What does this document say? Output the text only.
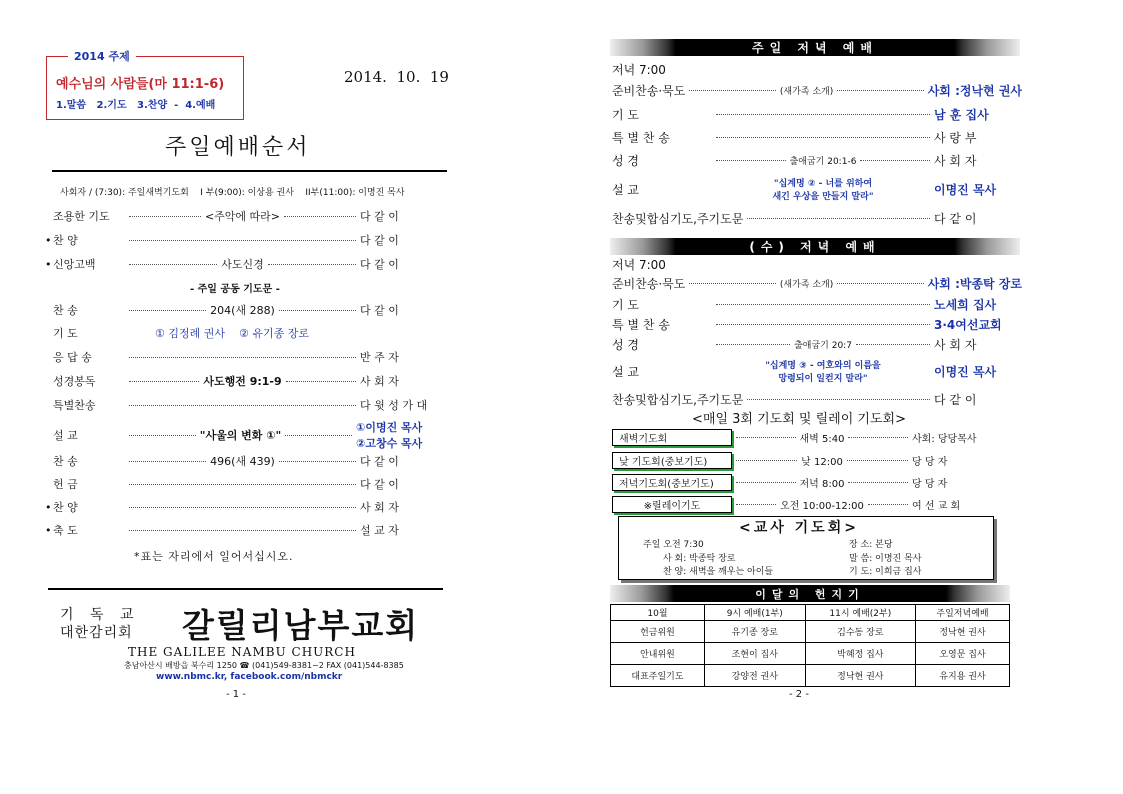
2014 주제
예수님의 사람들(마 11:1-6)
1.말씀   2.기도   3.찬양  -  4.예배
2014.  10.  19
주일예배순서
사회자 / (7:30): 주일새벽기도회    I 부(9:00): 이상용 권사    II부(11:00): 이명진 목사
조용한 기도	<주악에 따라>	다 같 이
• 찬 양	다 같 이
• 신앙고백	사도신경	다 같 이
- 주일 공동 기도문 -
찬 송	204(새 288)	다 같 이
기 도	① 김정례 권사    ② 유기종 장로
응 답 송	반 주 자
성경봉독	사도행전 9:1-9	사 회 자
특별찬송	다 윗 성 가 대
설 교	"사울의 변화 ①"
①이명진 목사
②고창수 목사
찬 송	496(새 439)	다 같 이
헌 금	다 같 이
• 찬 양	사 회 자
• 축 도	설 교 자
*표는 자리에서 일어서십시오.
기 독 교
대한감리회 갈릴리남부교회
THE GALILEE NAMBU CHURCH
충남아산시 배방읍 북수리 1250 ☎ (041)549-8381~2 FAX (041)544-8385
www.nbmc.kr, facebook.com/nbmckr
- 1 -
주일 저녁 예배
저녁 7:00
준비찬송·묵도	(새가족 소개)	사회 :정낙현 권사
기 도	남 훈 집사
특 별 찬 송	사 랑 부
성 경	출애굽기 20:1-6	사 회 자
설 교	"십계명 ② - 너를 위하여
새긴 우상을 만들지 말라"
이명진 목사
찬송및합심기도,주기도문	다 같 이
(수) 저녁 예배
저녁 7:00
준비찬송·묵도	(새가족 소개)	사회 :박종탁 장로
기 도	노세희 집사
특 별 찬 송	3·4여선교회
성 경	출애굽기 20:7	사 회 자
설 교	"십계명 ③ - 여호와의 이름을
망령되이 일컫지 말라"
이명진 목사
찬송및합심기도,주기도문	다 같 이
<매일 3회 기도회 및 릴레이 기도회>
새벽기도회	새벽 5:40	사회: 당당목사
낮 기도회(중보기도)	낮 12:00	당 당 자
저녁기도회(중보기도)	저녁 8:00	당 당 자
※릴레이기도	오전 10:00-12:00	여 선 교 회
<교사 기도회>
주일 오전 7:30	장 소: 본당
사 회: 박종탁 장로	말 씀: 이명진 목사
찬 양: 새벽을 깨우는 아이들	기 도: 이희금 집사
이달의 헌지기
10월	9시 예배(1부)	11시 예배(2부)	주일저녁예배
헌금위원	유기종 장로	김수동 장로	정낙현 권사
안내위원	조현이 집사	박혜정 집사	오영문 집사
대표주일기도	강양전 권사	정낙현 권사	유지용 권사
- 2 -
